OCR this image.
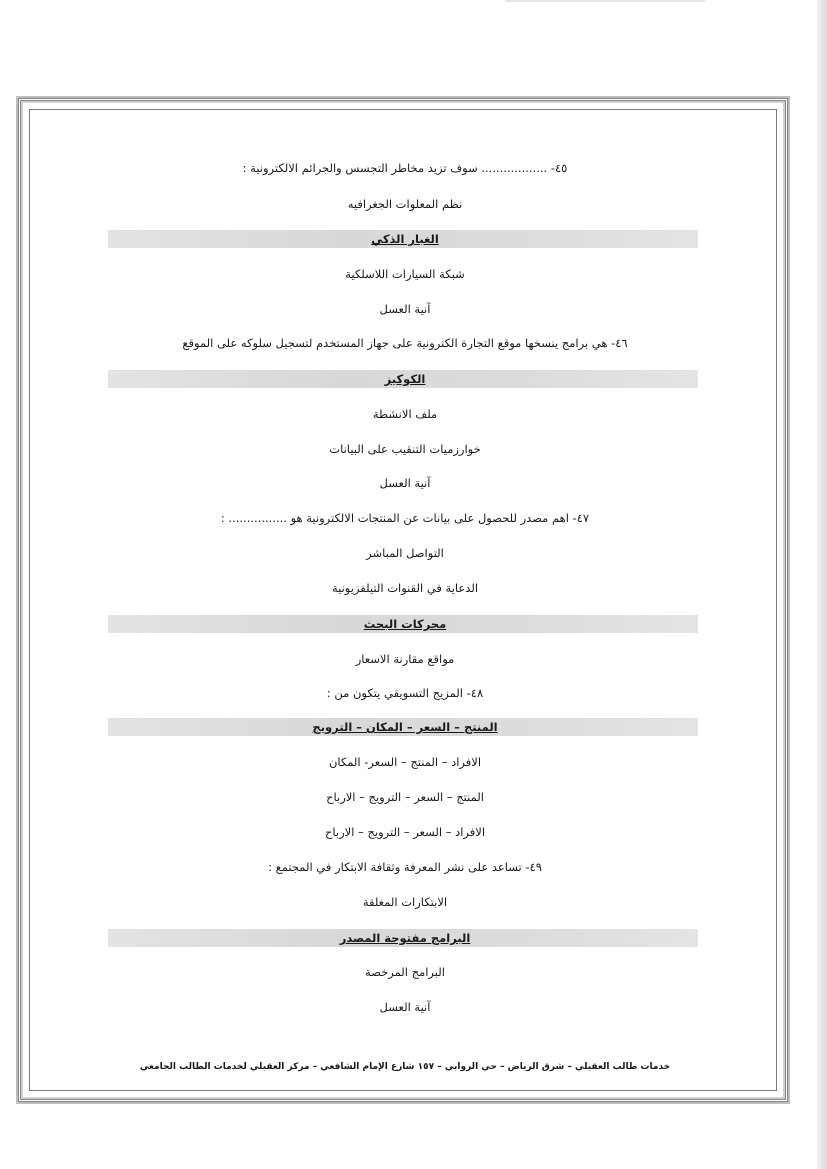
٤٥- .................. سوف تزيد مخاطر التجسس والجرائم الالكترونية :
نظم المعلوات الجغرافيه
الغبار الذكي
شبكة السيارات اللاسلكية
آنية العسل
٤٦- هي برامج ينسخها موقع التجارة الكترونية على جهاز المستخدم لتسجيل سلوكه على الموقع
الكوكيز
ملف الانشطة
خوارزميات التنقيب على البيانات
آنية العسل
٤٧- اهم مصدر للحصول على بيانات عن المنتجات الالكترونية هو ................ :
التواصل المباشر
الدعاية في القنوات التيلفزيونية
محركات البحث
مواقع مقارنة الاسعار
٤٨- المزيج التسويقي يتكون من :
المنتج – السعر – المكان – الترويج
الافراد – المنتج – السعر- المكان
المنتج – السعر – الترويج – الارباح
الافراد – السعر – الترويج – الارباح
٤٩- تساعد على نشر المعرفة وثقافة الابتكار في المجتمع :
الابتكارات المغلقة
البرامج مفتوحة المصدر
البرامج المرخصة
آنية العسل
خدمات طالب العقيلي – شرق الرياض – حي الروابي – ١٥٧ شارع الإمام الشافعي – مركز العقيلي لخدمات الطالب الجامعي
